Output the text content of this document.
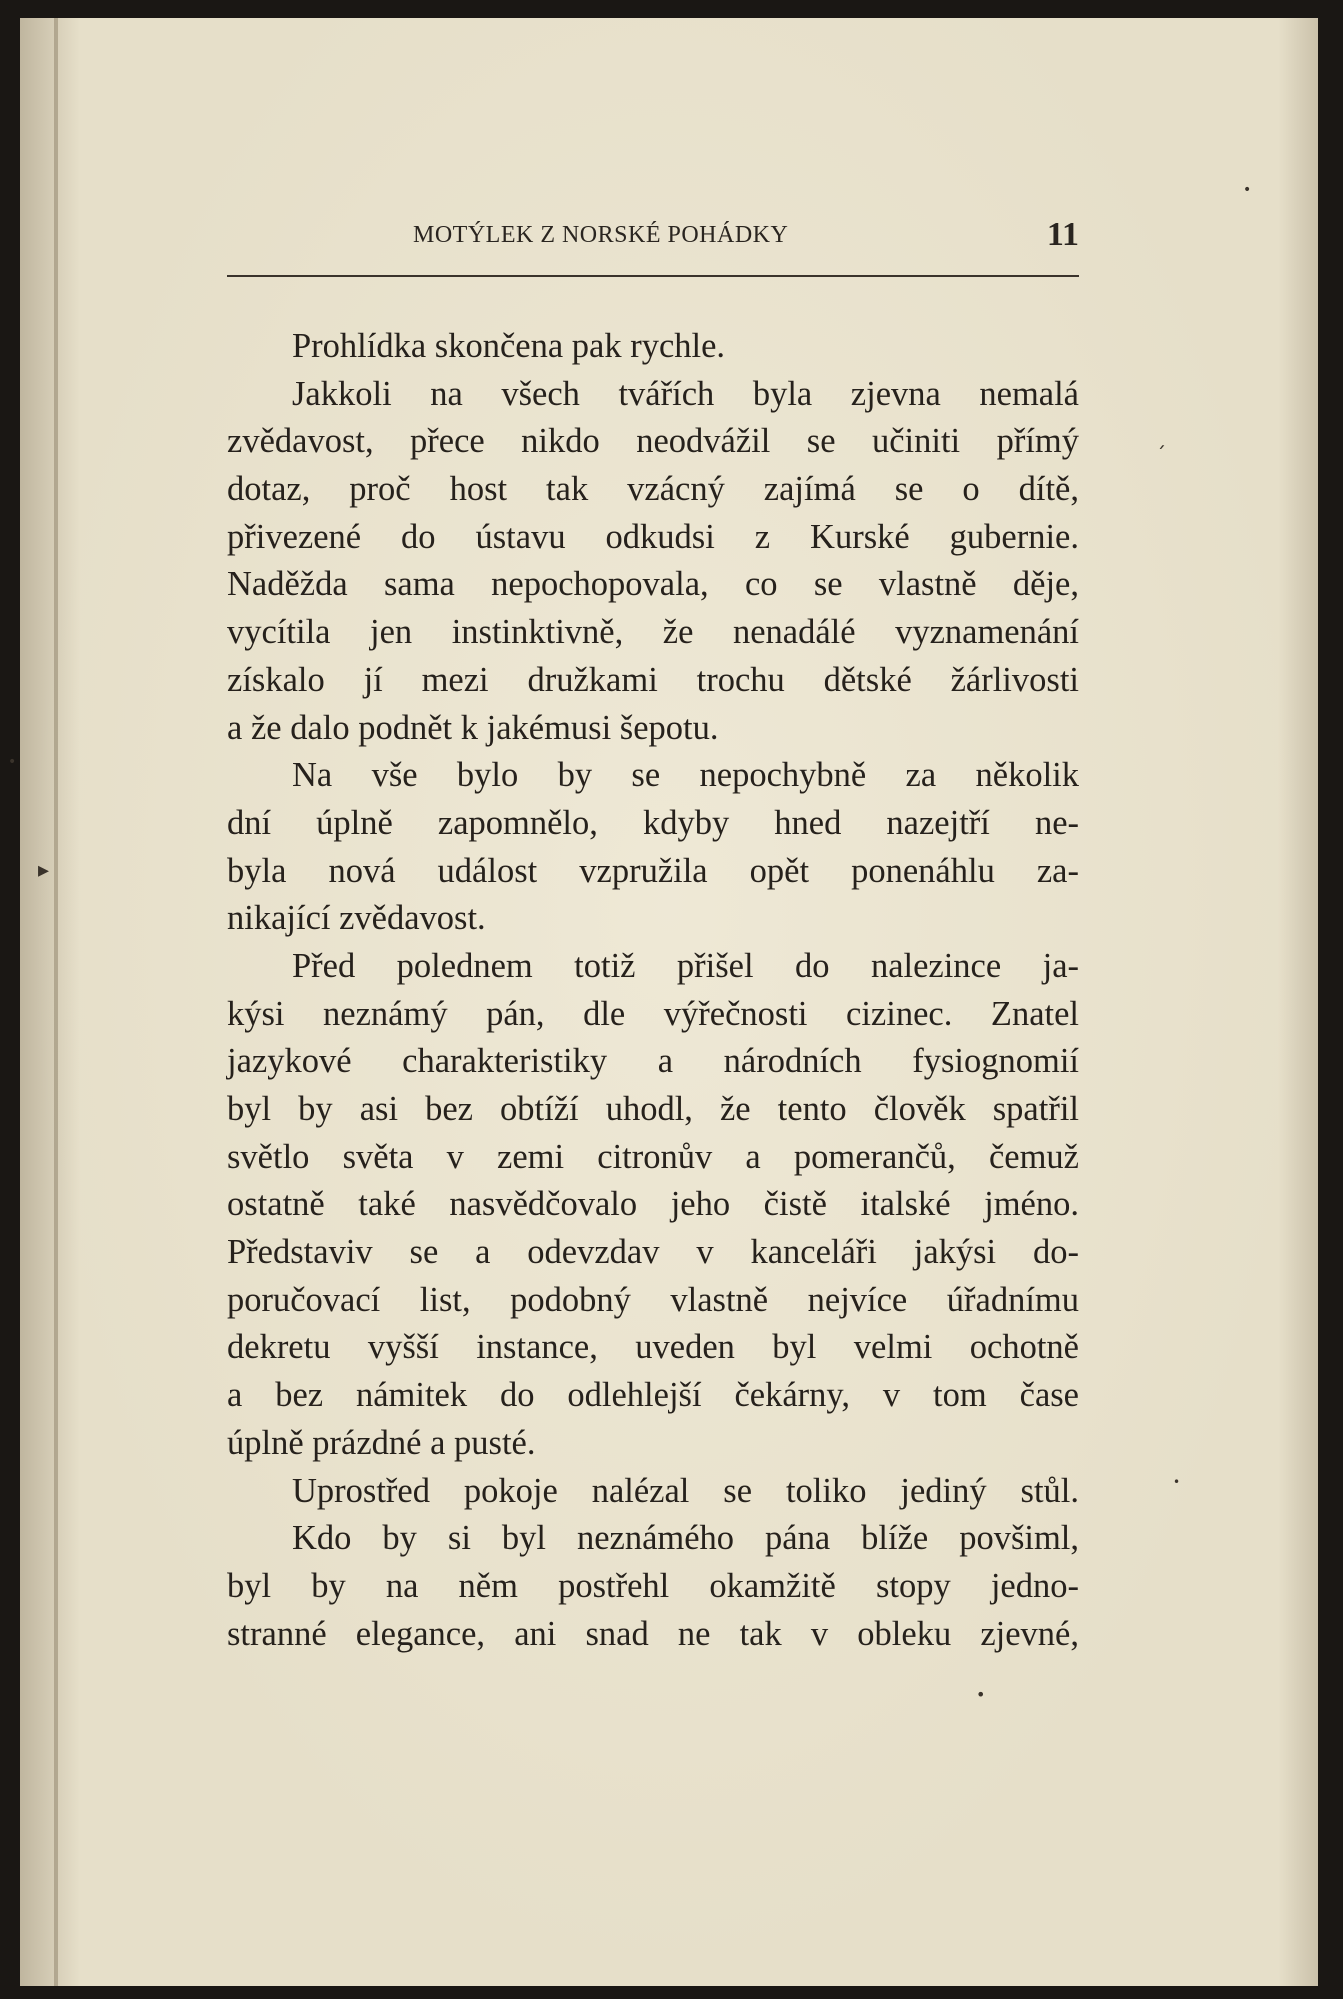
MOTÝLEK Z NORSKÉ POHÁDKY	11
Prohlídka skončena pak rychle.
Jakkoli na všech tvářích byla zjevna nemalá
zvědavost, přece nikdo neodvážil se učiniti přímý
dotaz, proč host tak vzácný zajímá se o dítě,
přivezené do ústavu odkudsi z Kurské gubernie.
Naděžda sama nepochopovala, co se vlastně děje,
vycítila jen instinktivně, že nenadálé vyznamenání
získalo jí mezi družkami trochu dětské žárlivosti
a že dalo podnět k jakémusi šepotu.
Na vše bylo by se nepochybně za několik
dní úplně zapomnělo, kdyby hned nazejtří ne-
byla nová událost vzpružila opět ponenáhlu za-
nikající zvědavost.
Před polednem totiž přišel do nalezince ja-
kýsi neznámý pán, dle výřečnosti cizinec. Znatel
jazykové charakteristiky a národních fysiognomií
byl by asi bez obtíží uhodl, že tento člověk spatřil
světlo světa v zemi citronův a pomerančů, čemuž
ostatně také nasvědčovalo jeho čistě italské jméno.
Představiv se a odevzdav v kanceláři jakýsi do-
poručovací list, podobný vlastně nejvíce úřadnímu
dekretu vyšší instance, uveden byl velmi ochotně
a bez námitek do odlehlejší čekárny, v tom čase
úplně prázdné a pusté.
Uprostřed pokoje nalézal se toliko jediný stůl.
Kdo by si byl neznámého pána blíže povšiml,
byl by na něm postřehl okamžitě stopy jedno-
stranné elegance, ani snad ne tak v obleku zjevné,
•
ˏ
•
▸
•
•
